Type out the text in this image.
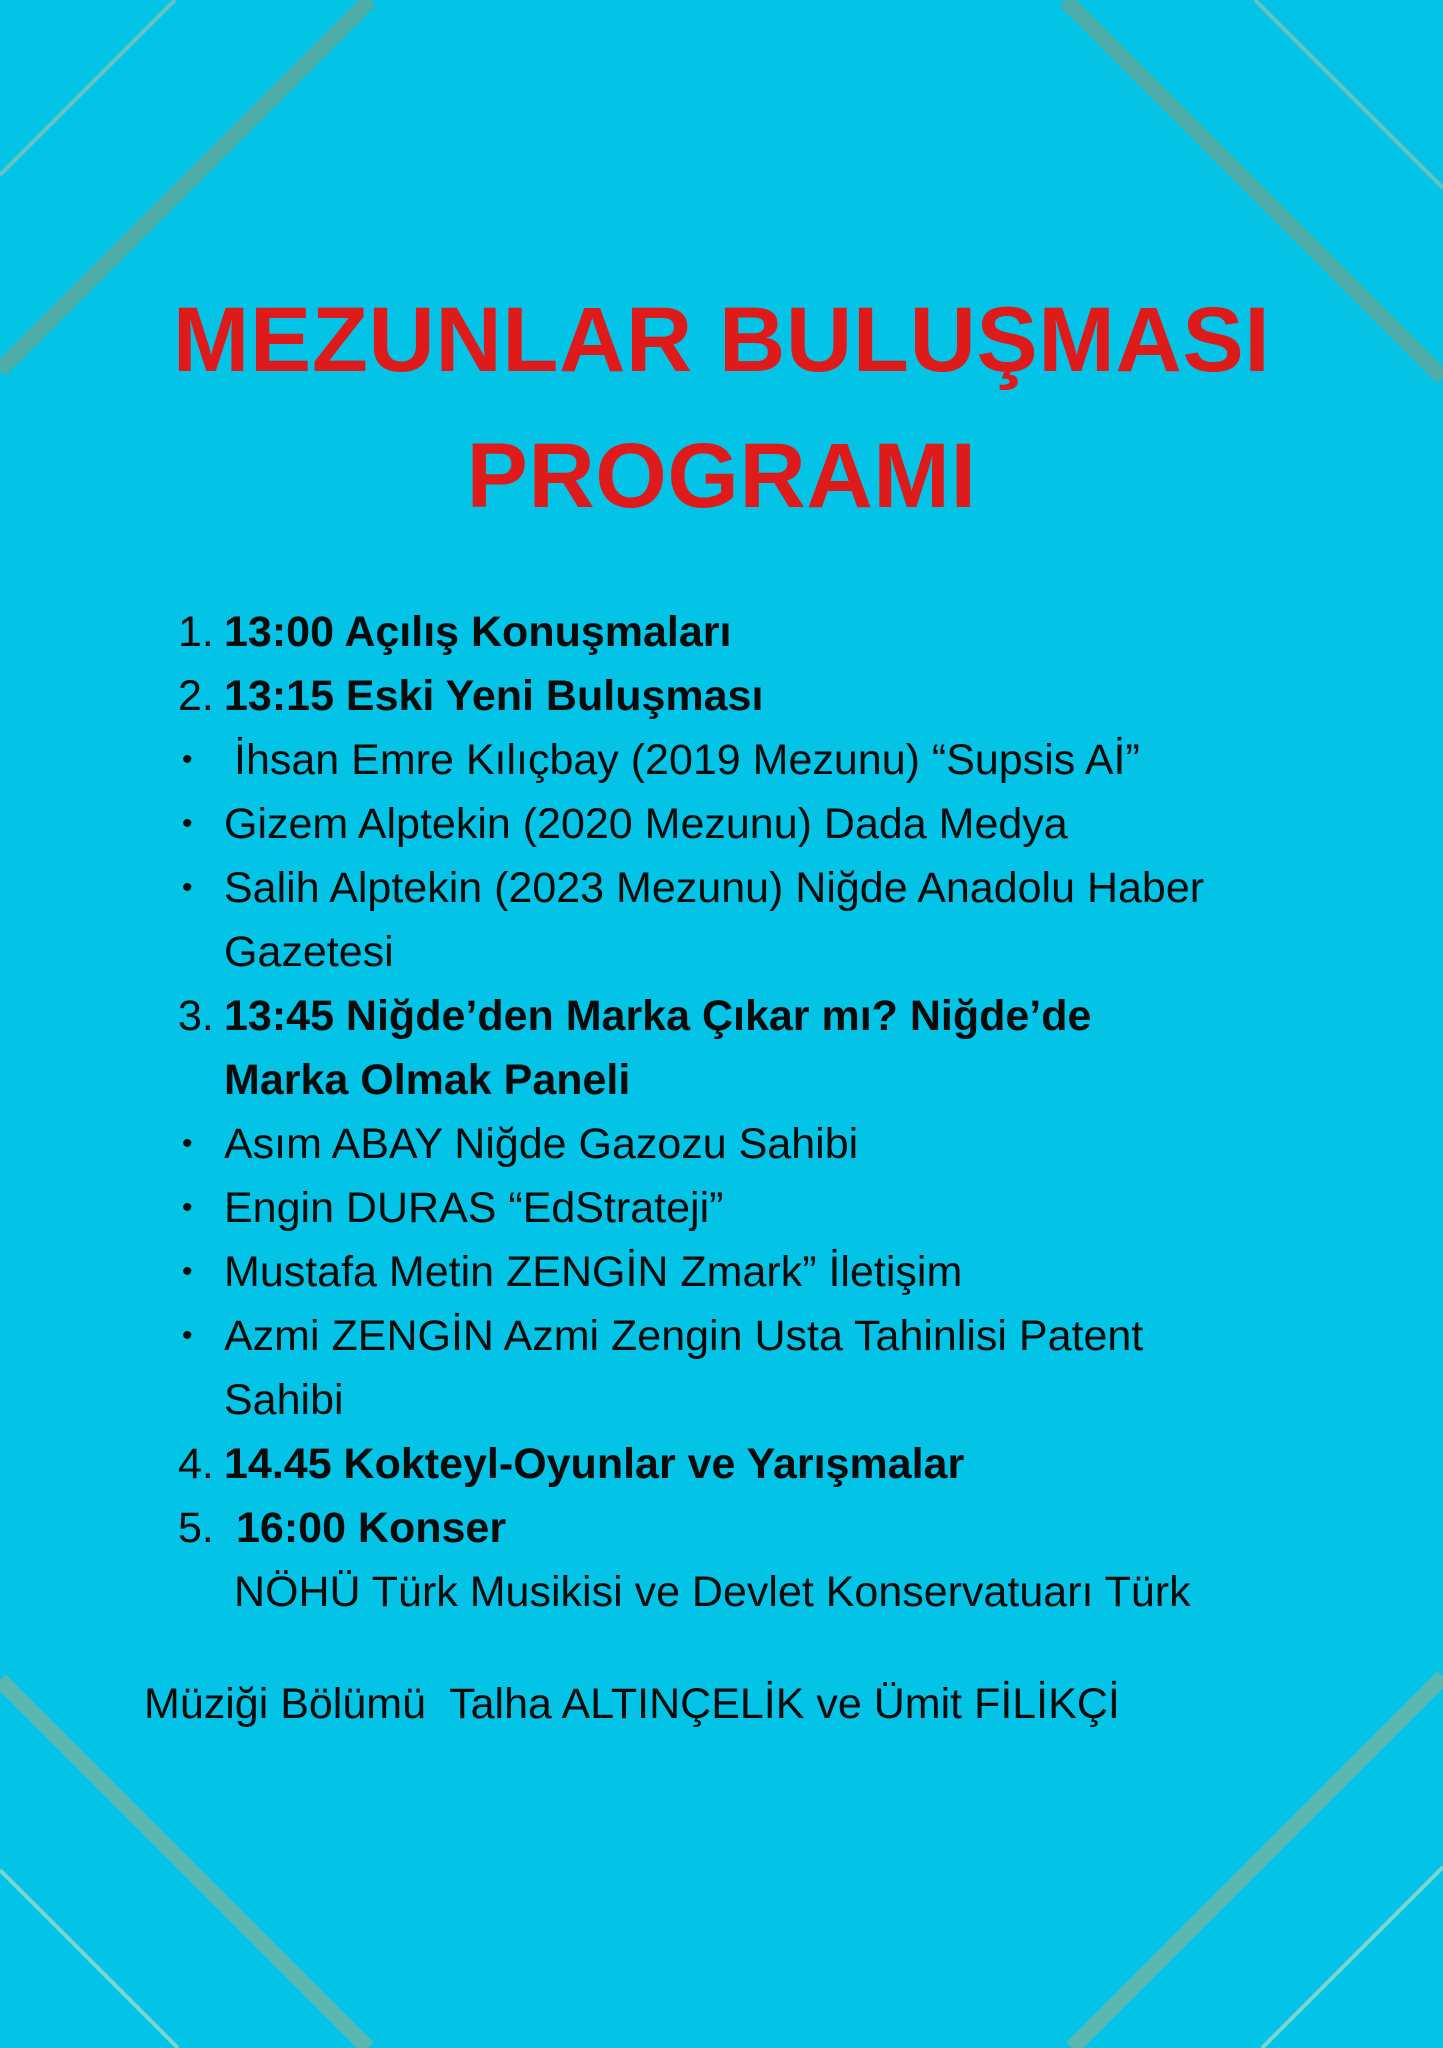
MEZUNLAR BULUŞMASI
PROGRAMI
1. 13:00 Açılış Konuşmaları
2. 13:15 Eski Yeni Buluşması
• İhsan Emre Kılıçbay (2019 Mezunu) “Supsis Aİ”
• Gizem Alptekin (2020 Mezunu) Dada Medya
• Salih Alptekin (2023 Mezunu) Niğde Anadolu Haber
Gazetesi
3. 13:45 Niğde’den Marka Çıkar mı? Niğde’de
Marka Olmak Paneli
• Asım ABAY Niğde Gazozu Sahibi
• Engin DURAS “EdStrateji”
• Mustafa Metin ZENGİN Zmark” İletişim
• Azmi ZENGİN Azmi Zengin Usta Tahinlisi Patent
Sahibi
4. 14.45 Kokteyl-Oyunlar ve Yarışmalar
5. 16:00 Konser
NÖHÜ Türk Musikisi ve Devlet Konservatuarı Türk

Müziği Bölümü  Talha ALTINÇELİK ve Ümit FİLİKÇİ
